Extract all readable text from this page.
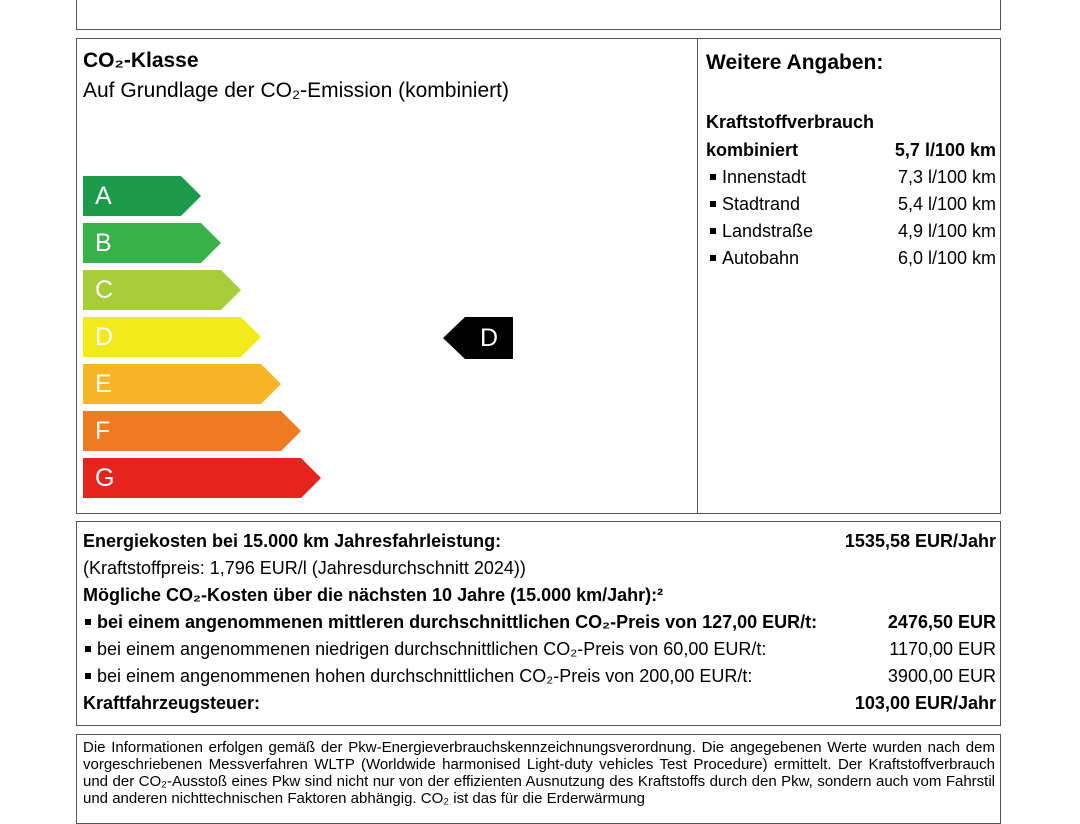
CO₂-Klasse
Auf Grundlage der CO₂-Emission (kombiniert)
A
B
C
D
E
F
G
D
Weitere Angaben:
Kraftstoffverbrauch
kombiniert	5,7 l/100 km
Innenstadt	7,3 l/100 km
Stadtrand	5,4 l/100 km
Landstraße	4,9 l/100 km
Autobahn	6,0 l/100 km
Energiekosten bei 15.000 km Jahresfahrleistung:	1535,58 EUR/Jahr
(Kraftstoffpreis: 1,796 EUR/l (Jahresdurchschnitt 2024))
Mögliche CO₂-Kosten über die nächsten 10 Jahre (15.000 km/Jahr):²
bei einem angenommenen mittleren durchschnittlichen CO₂-Preis von 127,00 EUR/t:	2476,50 EUR
bei einem angenommenen niedrigen durchschnittlichen CO₂-Preis von 60,00 EUR/t:	1170,00 EUR
bei einem angenommenen hohen durchschnittlichen CO₂-Preis von 200,00 EUR/t:	3900,00 EUR
Kraftfahrzeugsteuer:	103,00 EUR/Jahr
Die Informationen erfolgen gemäß der Pkw-Energieverbrauchskennzeichnungsverordnung. Die angegebenen Werte wurden nach dem vorgeschriebenen Messverfahren WLTP (Worldwide harmonised Light-duty vehicles Test Procedure) ermittelt. Der Kraftstoffverbrauch und der CO₂-Ausstoß eines Pkw sind nicht nur von der effizienten Ausnutzung des Kraftstoffs durch den Pkw, sondern auch vom Fahrstil und anderen nichttechnischen Faktoren abhängig. CO₂ ist das für die Erderwärmung
